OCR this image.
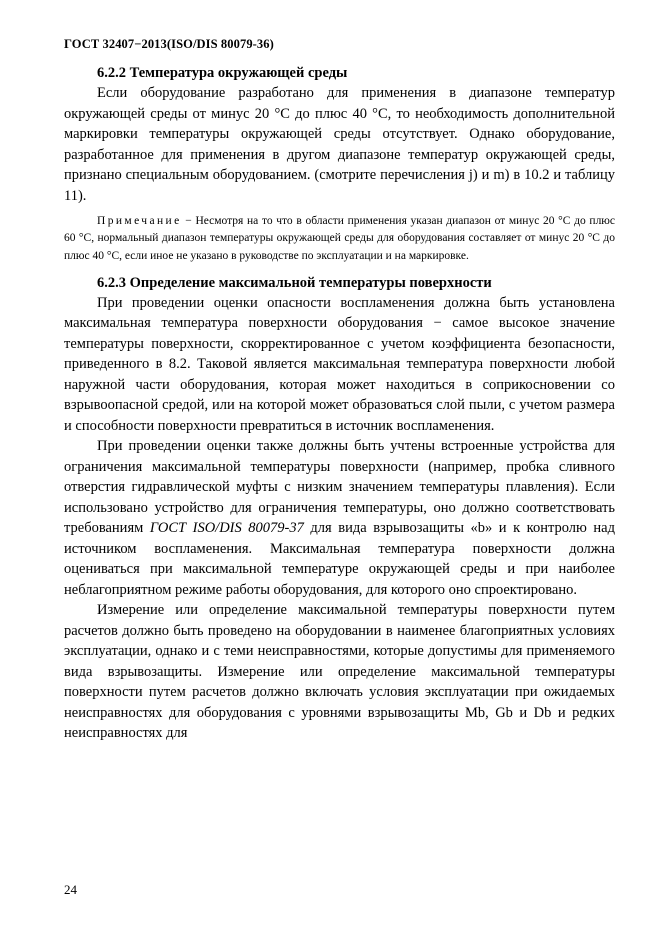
ГОСТ 32407−2013(ISO/DIS 80079-36)
6.2.2 Температура окружающей среды

Если оборудование разработано для применения в диапазоне температур окружающей среды от минус 20 °С до плюс 40 °С, то необходимость дополнительной маркировки температуры окружающей среды отсутствует. Однако оборудование, разработанное для применения в другом диапазоне температур окружающей среды, признано специальным оборудованием. (смотрите перечисления j) и m) в 10.2 и таблицу 11).

Примечание − Несмотря на то что в области применения указан диапазон от минус 20 °С до плюс 60 °С, нормальный диапазон температуры окружающей среды для оборудования составляет от минус 20 °С до плюс 40 °С, если иное не указано в руководстве по эксплуатации и на маркировке.

6.2.3 Определение максимальной температуры поверхности

При проведении оценки опасности воспламенения должна быть установлена максимальная температура поверхности оборудования − самое высокое значение температуры поверхности, скорректированное с учетом коэффициента безопасности, приведенного в 8.2. Таковой является максимальная температура поверхности любой наружной части оборудования, которая может находиться в соприкосновении со взрывоопасной средой, или на которой может образоваться слой пыли, с учетом размера и способности поверхности превратиться в источник воспламенения.

При проведении оценки также должны быть учтены встроенные устройства для ограничения максимальной температуры поверхности (например, пробка сливного отверстия гидравлической муфты с низким значением температуры плавления). Если использовано устройство для ограничения температуры, оно должно соответствовать требованиям ГОСТ ISO/DIS 80079-37 для вида взрывозащиты «b» и к контролю над источником воспламенения. Максимальная температура поверхности должна оцениваться при максимальной температуре окружающей среды и при наиболее неблагоприятном режиме работы оборудования, для которого оно спроектировано.

Измерение или определение максимальной температуры поверхности путем расчетов должно быть проведено на оборудовании в наименее благоприятных условиях эксплуатации, однако и с теми неисправностями, которые допустимы для применяемого вида взрывозащиты. Измерение или определение максимальной температуры поверхности путем расчетов должно включать условия эксплуатации при ожидаемых неисправностях для оборудования с уровнями взрывозащиты Mb, Gb и Db и редких неисправностях для

24
